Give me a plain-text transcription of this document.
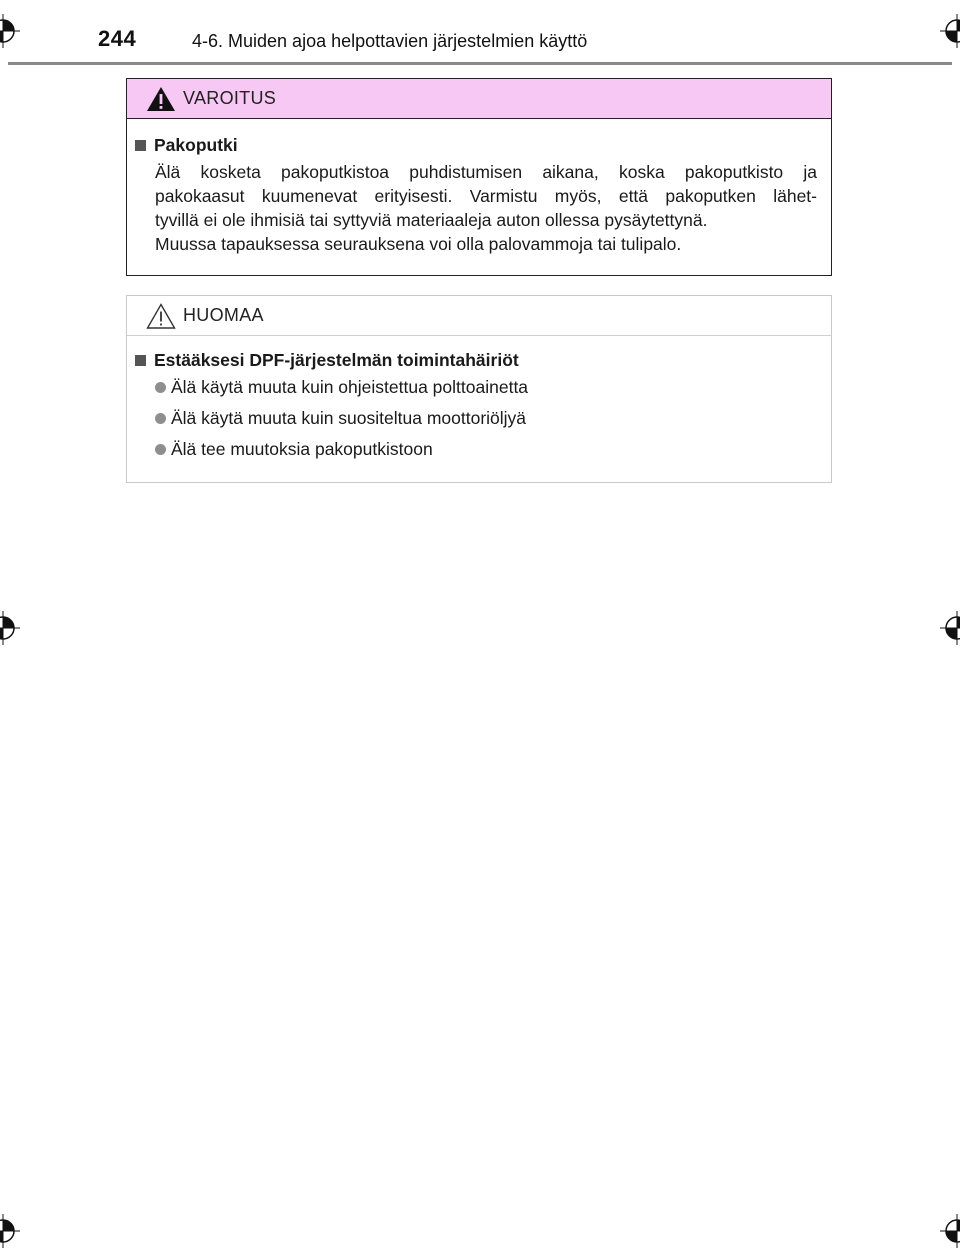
244	4-6. Muiden ajoa helpottavien järjestelmien käyttö
VAROITUS
Pakoputki
Älä kosketa pakoputkistoa puhdistumisen aikana, koska pakoputkisto ja
pakokaasut kuumenevat erityisesti. Varmistu myös, että pakoputken lähet-
tyvillä ei ole ihmisiä tai syttyviä materiaaleja auton ollessa pysäytettynä.
Muussa tapauksessa seurauksena voi olla palovammoja tai tulipalo.
HUOMAA
Estääksesi DPF-järjestelmän toimintahäiriöt
Älä käytä muuta kuin ohjeistettua polttoainetta
Älä käytä muuta kuin suositeltua moottoriöljyä
Älä tee muutoksia pakoputkistoon
